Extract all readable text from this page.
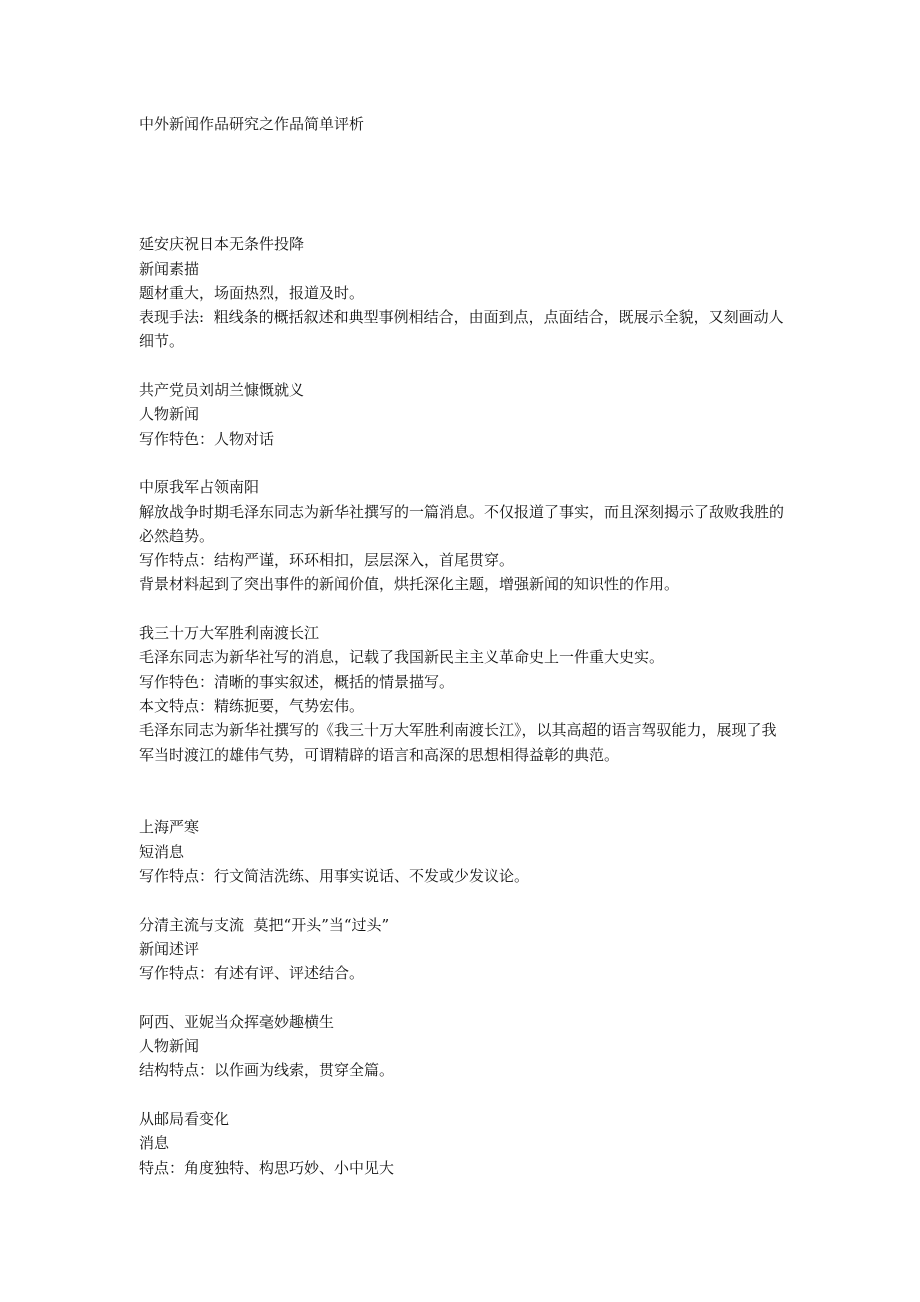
中外新闻作品研究之作品简单评析
延安庆祝日本无条件投降
新闻素描
题材重大，场面热烈，报道及时。
表现手法:  粗线条的概括叙述和典型事例相结合，由面到点，点面结合，既展示全貌，又刻画动人细节。
共产党员刘胡兰慷慨就义
人物新闻
写作特色：人物对话
中原我军占领南阳
解放战争时期毛泽东同志为新华社撰写的一篇消息。不仅报道了事实，而且深刻揭示了敌败我胜的必然趋势。
写作特点：结构严谨，环环相扣，层层深入，首尾贯穿。
背景材料起到了突出事件的新闻价值，烘托深化主题，增强新闻的知识性的作用。
我三十万大军胜利南渡长江
毛泽东同志为新华社写的消息，记载了我国新民主主义革命史上一件重大史实。
写作特色：清晰的事实叙述，概括的情景描写。
本文特点：精练扼要，气势宏伟。
毛泽东同志为新华社撰写的《我三十万大军胜利南渡长江》，以其高超的语言驾驭能力，展现了我军当时渡江的雄伟气势，可谓精辟的语言和高深的思想相得益彰的典范。
上海严寒
短消息
写作特点：行文简洁洗练、用事实说话、不发或少发议论。
分清主流与支流  莫把“开头”当“过头”
新闻述评
写作特点：有述有评、评述结合。
阿西、亚妮当众挥毫妙趣横生
人物新闻
结构特点：以作画为线索，贯穿全篇。
从邮局看变化
消息
特点：角度独特、构思巧妙、小中见大
